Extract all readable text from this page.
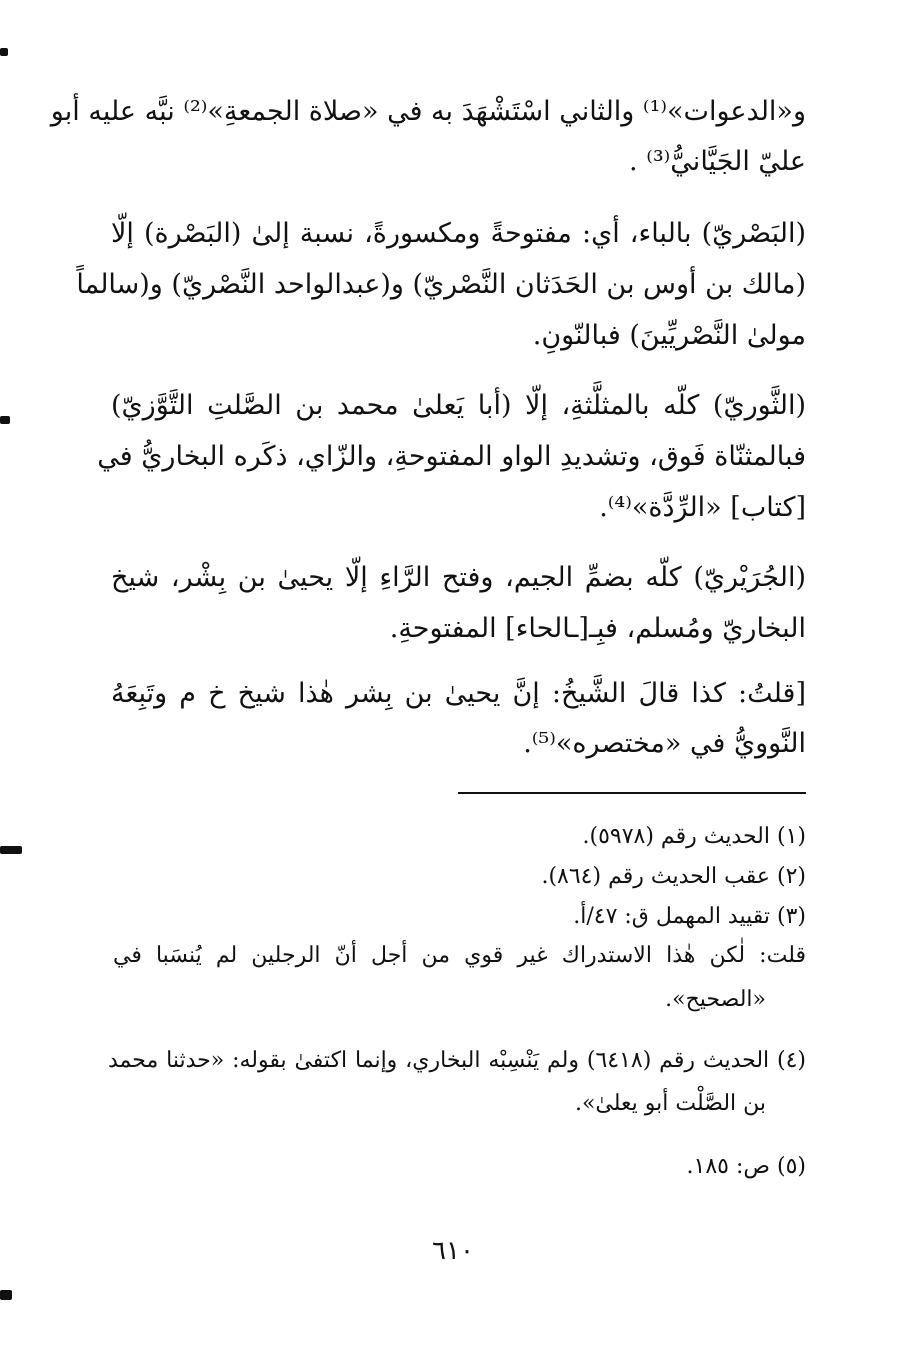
و«الدعوات»⁽¹⁾ والثاني اسْتَشْهَدَ به في «صلاة الجمعةِ»⁽²⁾ نبَّه عليه أبو
عليّ الجَيَّانيُّ⁽³⁾ .
(البَصْريّ) بالباء، أي: مفتوحةً ومكسورةً، نسبة إلىٰ (البَصْرة) إلّا
(مالك بن أوس بن الحَدَثان النَّصْريّ) و(عبدالواحد النَّصْريّ) و(سالماً
مولىٰ النَّصْريِّينَ) فبالنّونِ.
(الثَّوريّ) كلّه بالمثلَّثةِ، إلّا (أبا يَعلىٰ محمد بن الصَّلتِ التَّوَّزيّ)
فبالمثنّاة فَوق، وتشديدِ الواو المفتوحةِ، والزّاي، ذكَره البخاريُّ في
[كتاب] «الرِّدَّة»⁽⁴⁾.
(الجُرَيْريّ) كلّه بضمِّ الجيم، وفتح الرَّاءِ إلّا يحيىٰ بن بِشْر، شيخ
البخاريّ ومُسلم، فبِـ[ـالحاء] المفتوحةِ.
[قلتُ: كذا قالَ الشَّيخُ: إنَّ يحيىٰ بن بِشر هٰذا شيخ خ م وتَبِعَهُ
النَّوويُّ في «مختصره»⁽⁵⁾.
(١) الحديث رقم (٥٩٧٨).
(٢) عقب الحديث رقم (٨٦٤).
(٣) تقييد المهمل ق: ٤٧/أ.
قلت: لٰكن هٰذا الاستدراك غير قوي من أجل أنّ الرجلين لم يُنسَبا في
«الصحيح».
(٤) الحديث رقم (٦٤١٨) ولم يَنْسِبْه البخاري، وإنما اكتفىٰ بقوله: «حدثنا محمد
بن الصَّلْت أبو يعلىٰ».
(٥) ص: ١٨٥.
٦١٠
